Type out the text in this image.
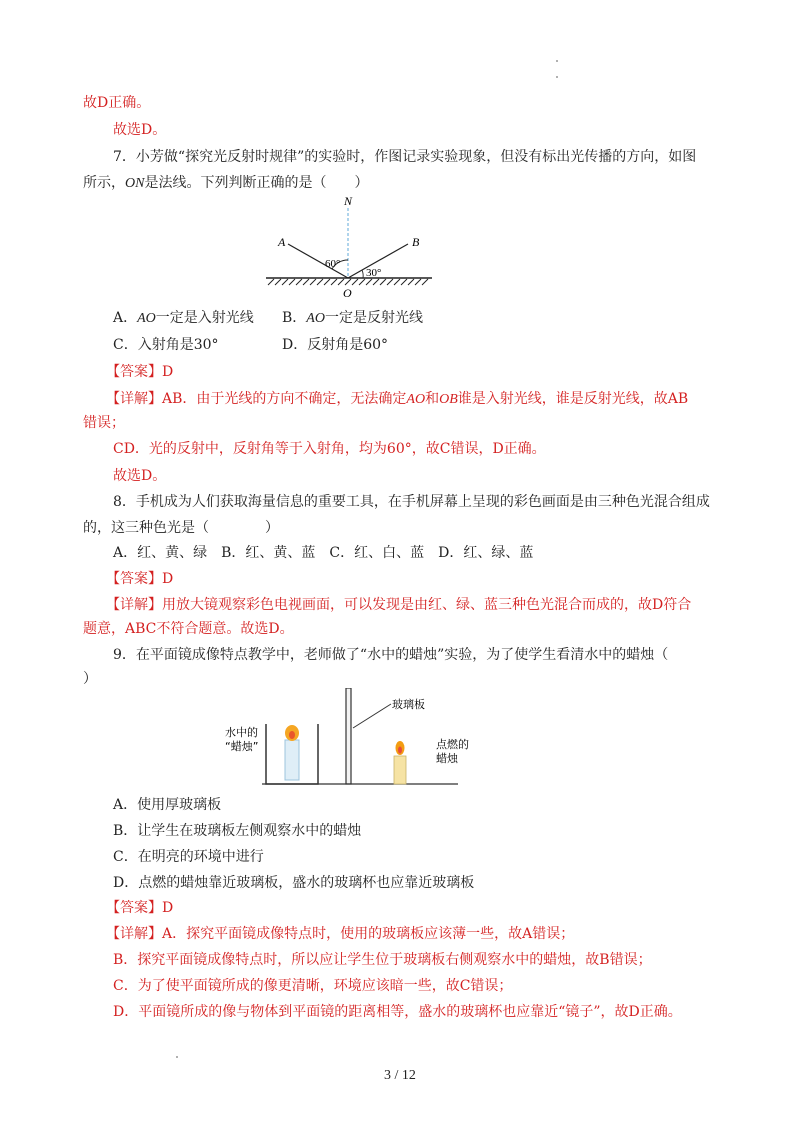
故D正确。
故选D。
7．小芳做“探究光反射时规律”的实验时，作图记录实验现象，但没有标出光传播的方向，如图
所示，ON是法线。下列判断正确的是（　　）
N
A	B
O
60°
30°
A．AO一定是入射光线 B．AO一定是反射光线
C．入射角是30°	D．反射角是60°
【答案】D
【详解】AB．由于光线的方向不确定，无法确定AO和OB谁是入射光线，谁是反射光线，故AB
错误；
CD．光的反射中，反射角等于入射角，均为60°，故C错误，D正确。
故选D。
8．手机成为人们获取海量信息的重要工具，在手机屏幕上呈现的彩色画面是由三种色光混合组成
的，这三种色光是（　　　　）
A．红、黄、绿　B．红、黄、蓝　C．红、白、蓝　D．红、绿、蓝
【答案】D
【详解】用放大镜观察彩色电视画面，可以发现是由红、绿、蓝三种色光混合而成的，故D符合
题意，ABC不符合题意。故选D。
9．在平面镜成像特点教学中，老师做了“水中的蜡烛”实验，为了使学生看清水中的蜡烛（
）
水中的
“蜡烛”
玻璃板
点燃的
蜡烛
A．使用厚玻璃板
B．让学生在玻璃板左侧观察水中的蜡烛
C．在明亮的环境中进行
D．点燃的蜡烛靠近玻璃板，盛水的玻璃杯也应靠近玻璃板
【答案】D
【详解】A．探究平面镜成像特点时，使用的玻璃板应该薄一些，故A错误；
B．探究平面镜成像特点时，所以应让学生位于玻璃板右侧观察水中的蜡烛，故B错误；
C．为了使平面镜所成的像更清晰，环境应该暗一些，故C错误；
D．平面镜所成的像与物体到平面镜的距离相等，盛水的玻璃杯也应靠近“镜子”，故D正确。
3 / 12
